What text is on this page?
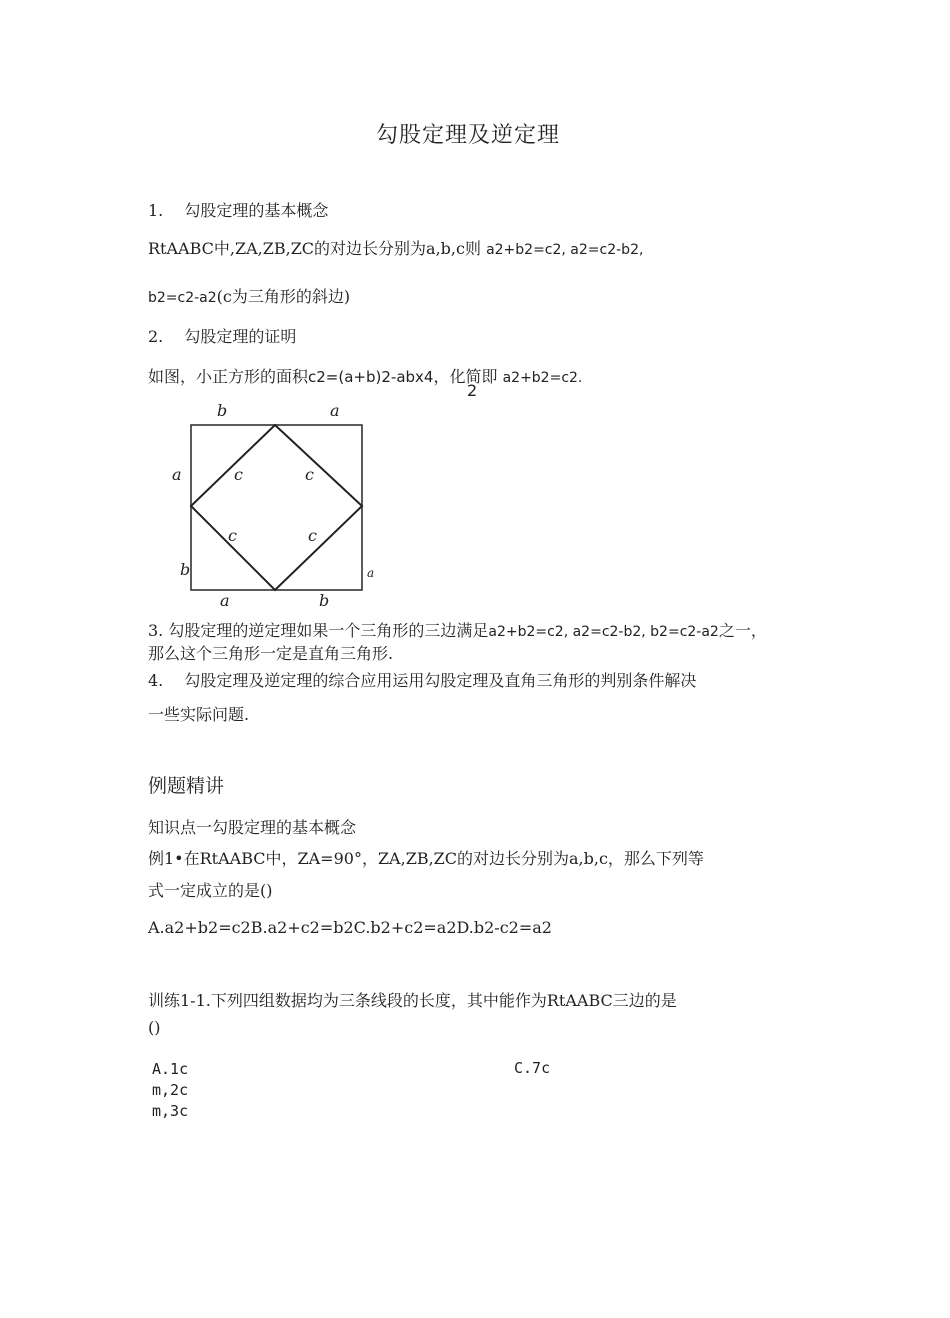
勾股定理及逆定理
1.　 勾股定理的基本概念
RtAABC中,ZA,ZB,ZC的对边长分别为a,b,c则 a2+b2=c2, a2=c2-b2,
b2=c2-a2(c为三角形的斜边)
2.　 勾股定理的证明
如图，小正方形的面积c2=(a+b)2-abx4，化简即 a2+b2=c2.
2
b	a
a
b	a
a	b
c	c
c	c
3. 勾股定理的逆定理如果一个三角形的三边满足a2+b2=c2, a2=c2-b2, b2=c2-a2之一，
那么这个三角形一定是直角三角形.
4.　 勾股定理及逆定理的综合应用运用勾股定理及直角三角形的判别条件解决
一些实际问题.
例题精讲
知识点一勾股定理的基本概念
例1•在RtAABC中，ZA=90°，ZA,ZB,ZC的对边长分别为a,b,c，那么下列等
式一定成立的是()
A.a2+b2=c2B.a2+c2=b2C.b2+c2=a2D.b2-c2=a2
训练1-1.下列四组数据均为三条线段的长度，其中能作为RtAABC三边的是
()
A.1c
m,2c
m,3c
C.7c
